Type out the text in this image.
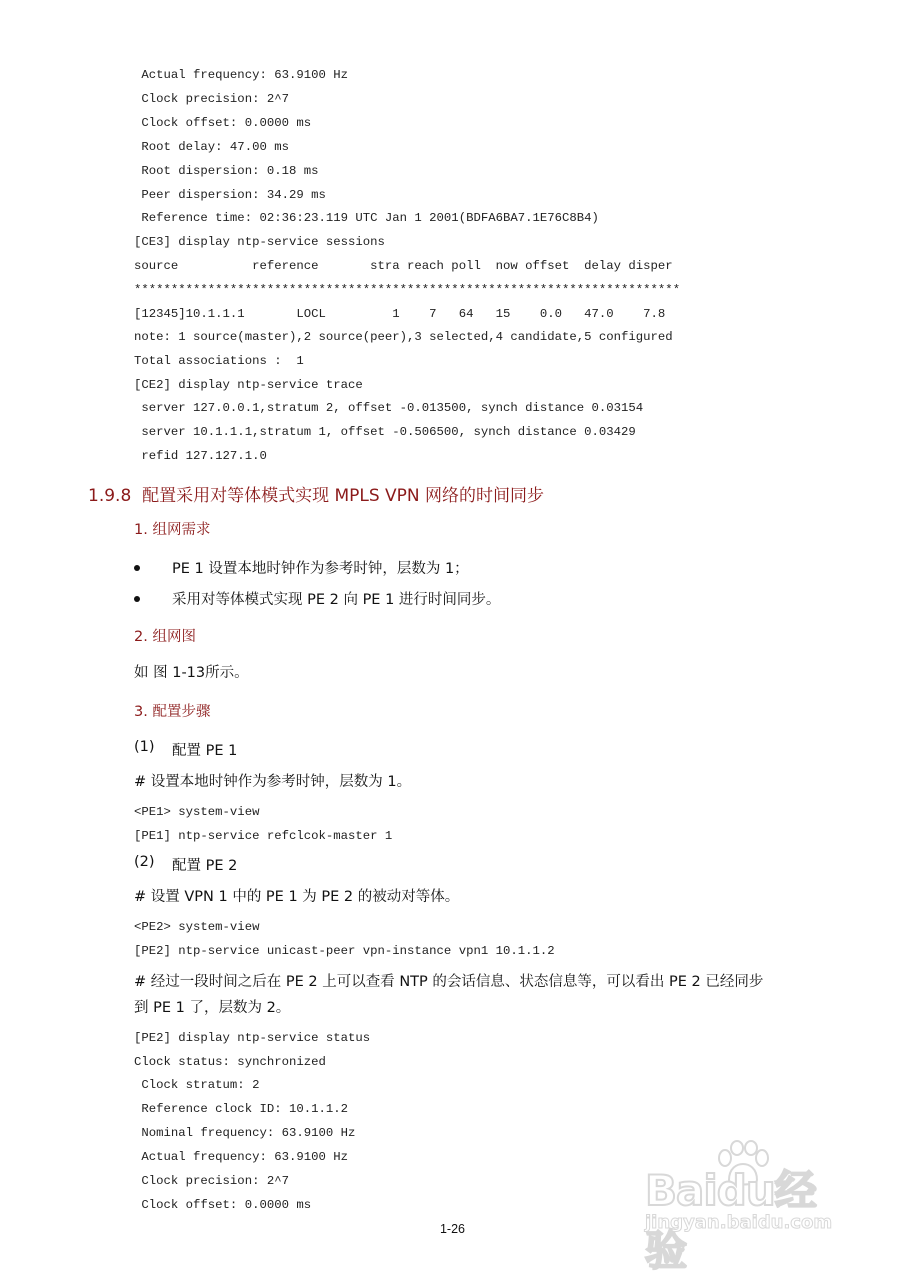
Actual frequency: 63.9100 Hz
Clock precision: 2^7
Clock offset: 0.0000 ms
Root delay: 47.00 ms
Root dispersion: 0.18 ms
Peer dispersion: 34.29 ms
Reference time: 02:36:23.119 UTC Jan 1 2001(BDFA6BA7.1E76C8B4)
[CE3] display ntp-service sessions
source          reference       stra reach poll  now offset  delay disper
**************************************************************************
[12345]10.1.1.1       LOCL         1    7   64   15    0.0   47.0    7.8
note: 1 source(master),2 source(peer),3 selected,4 candidate,5 configured
Total associations :  1
[CE2] display ntp-service trace
server 127.0.0.1,stratum 2, offset -0.013500, synch distance 0.03154
server 10.1.1.1,stratum 1, offset -0.506500, synch distance 0.03429
refid 127.127.1.0
1.9.8  配置采用对等体模式实现 MPLS VPN 网络的时间同步
1. 组网需求
PE 1 设置本地时钟作为参考时钟，层数为 1；
采用对等体模式实现 PE 2 向 PE 1 进行时间同步。
2. 组网图
如 图 1-13所示。
3. 配置步骤
(1) 配置 PE 1
# 设置本地时钟作为参考时钟，层数为 1。
<PE1> system-view
[PE1] ntp-service refclcok-master 1
(2) 配置 PE 2
# 设置 VPN 1 中的 PE 1 为 PE 2 的被动对等体。
<PE2> system-view
[PE2] ntp-service unicast-peer vpn-instance vpn1 10.1.1.2
# 经过一段时间之后在 PE 2 上可以查看 NTP 的会话信息、状态信息等，可以看出 PE 2 已经同步
到 PE 1 了，层数为 2。
[PE2] display ntp-service status
Clock status: synchronized
Clock stratum: 2
Reference clock ID: 10.1.1.2
Nominal frequency: 63.9100 Hz
Actual frequency: 63.9100 Hz
Clock precision: 2^7
Clock offset: 0.0000 ms
1-26
Baidu经验
jingyan.baidu.com
